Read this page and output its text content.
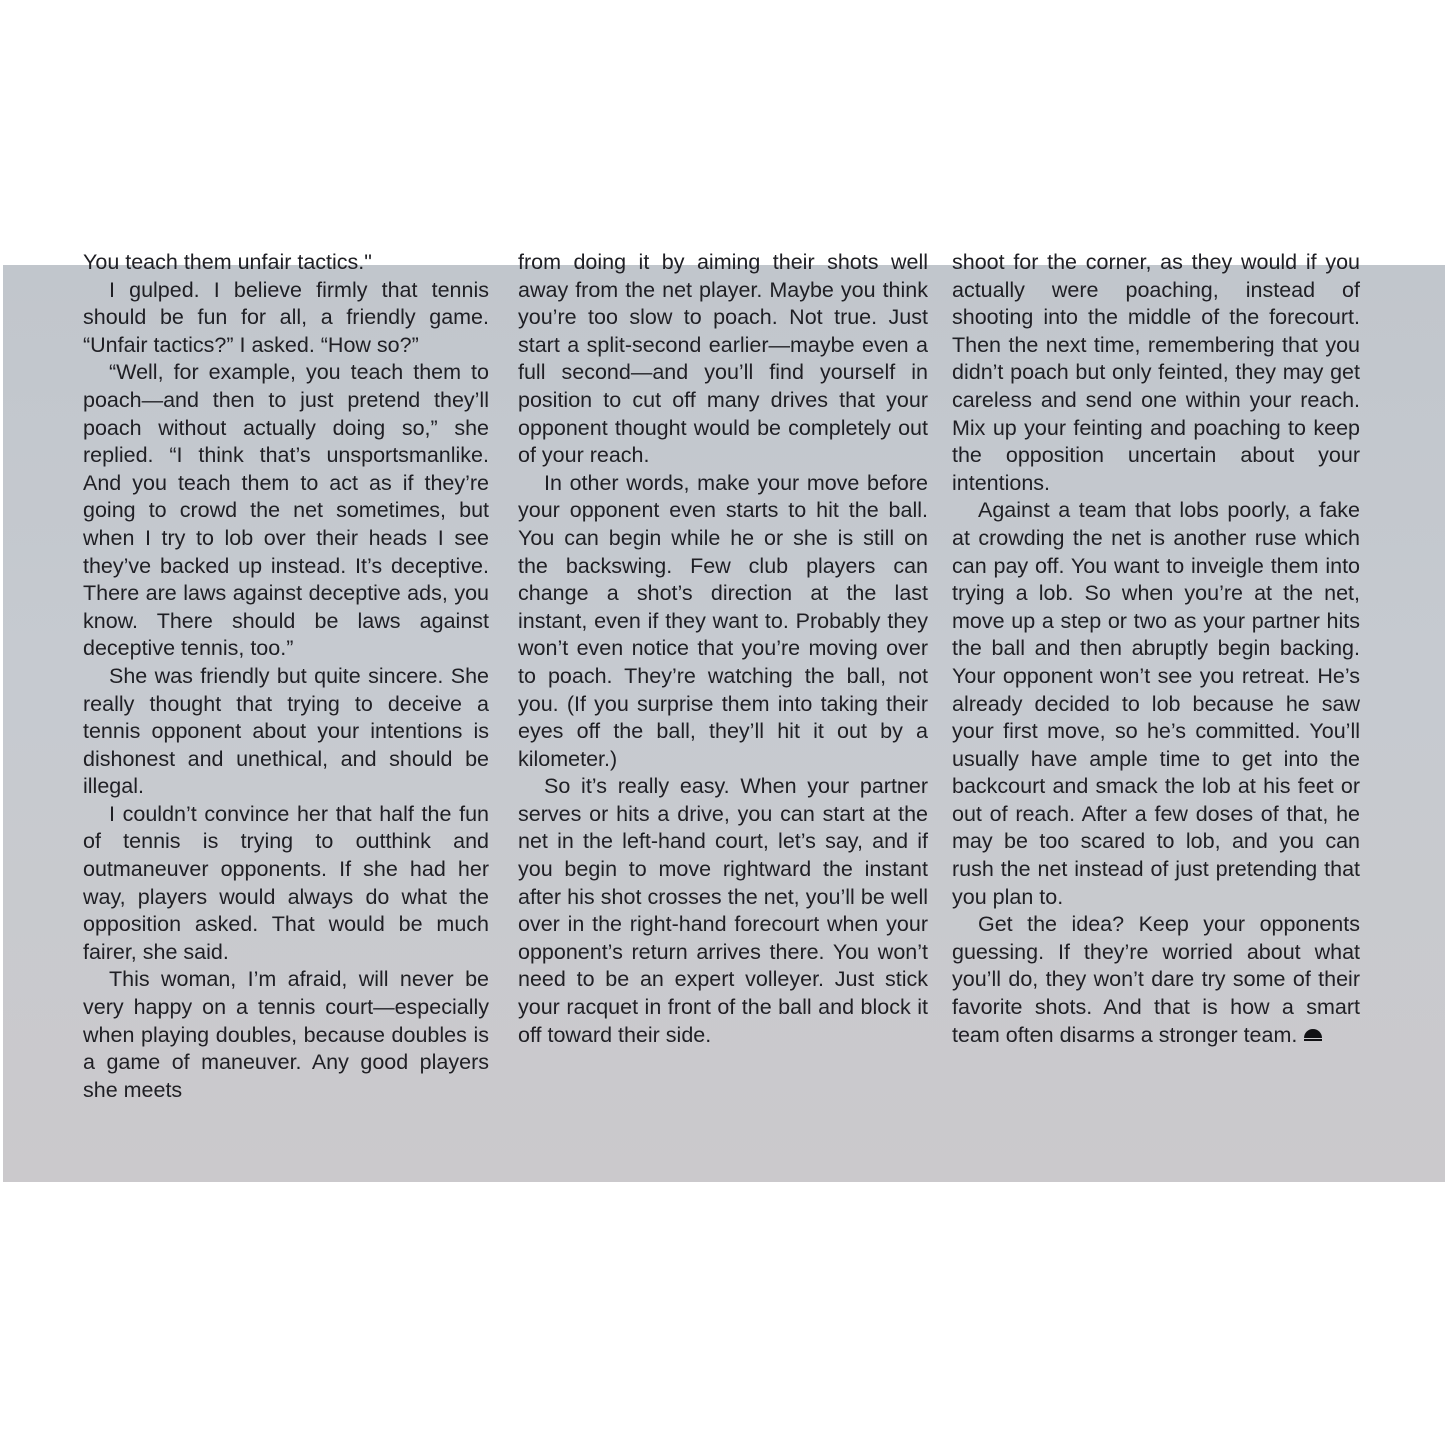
You teach them unfair tactics."

I gulped. I believe firmly that tennis should be fun for all, a friendly game. “Unfair tactics?” I asked. “How so?”

“Well, for example, you teach them to poach—and then to just pretend they’ll poach without actually doing so,” she replied. “I think that’s unsportsmanlike. And you teach them to act as if they’re going to crowd the net sometimes, but when I try to lob over their heads I see they’ve backed up instead. It’s deceptive. There are laws against deceptive ads, you know. There should be laws against deceptive tennis, too.”

She was friendly but quite sincere. She really thought that trying to deceive a tennis opponent about your intentions is dishonest and unethical, and should be illegal.

I couldn’t convince her that half the fun of tennis is trying to outthink and outmaneuver opponents. If she had her way, players would always do what the opposition asked. That would be much fairer, she said.

This woman, I’m afraid, will never be very happy on a tennis court—especially when playing doubles, because doubles is a game of maneuver. Any good players she meets

from doing it by aiming their shots well away from the net player. Maybe you think you’re too slow to poach. Not true. Just start a split-second earlier—maybe even a full second—and you’ll find yourself in position to cut off many drives that your opponent thought would be completely out of your reach.

In other words, make your move before your opponent even starts to hit the ball. You can begin while he or she is still on the backswing. Few club players can change a shot’s direction at the last instant, even if they want to. Probably they won’t even notice that you’re moving over to poach. They’re watching the ball, not you. (If you surprise them into taking their eyes off the ball, they’ll hit it out by a kilometer.)

So it’s really easy. When your partner serves or hits a drive, you can start at the net in the left-hand court, let’s say, and if you begin to move rightward the instant after his shot crosses the net, you’ll be well over in the right-hand forecourt when your opponent’s return arrives there. You won’t need to be an expert volleyer. Just stick your racquet in front of the ball and block it off toward their side.

shoot for the corner, as they would if you actually were poaching, instead of shooting into the middle of the forecourt. Then the next time, remembering that you didn’t poach but only feinted, they may get careless and send one within your reach. Mix up your feinting and poaching to keep the opposition uncertain about your intentions.

Against a team that lobs poorly, a fake at crowding the net is another ruse which can pay off. You want to inveigle them into trying a lob. So when you’re at the net, move up a step or two as your partner hits the ball and then abruptly begin backing. Your opponent won’t see you retreat. He’s already decided to lob because he saw your first move, so he’s committed. You’ll usually have ample time to get into the backcourt and smack the lob at his feet or out of reach. After a few doses of that, he may be too scared to lob, and you can rush the net instead of just pretending that you plan to.

Get the idea? Keep your opponents guessing. If they’re worried about what you’ll do, they won’t dare try some of their favorite shots. And that is how a smart team often disarms a stronger team.
